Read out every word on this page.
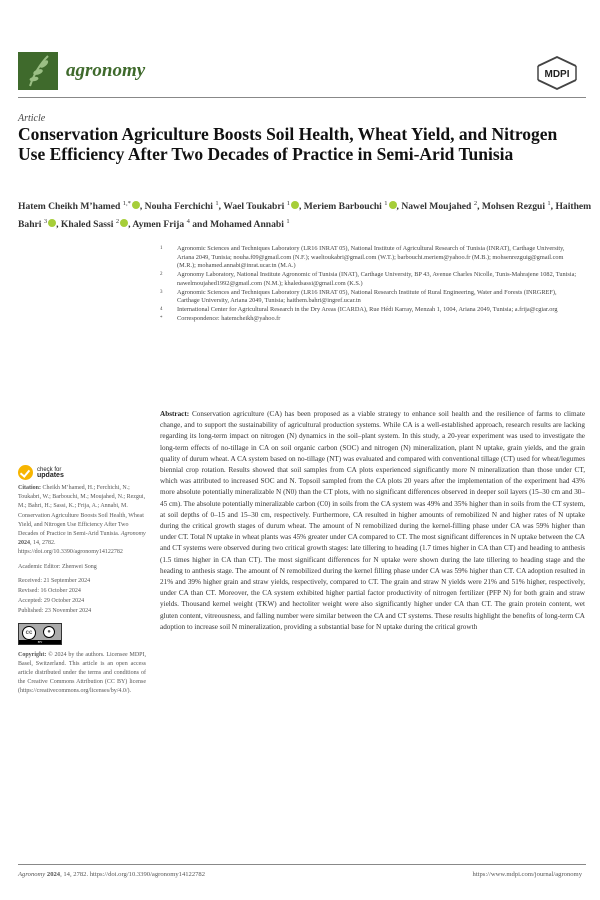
agronomy	MDPI
Article
Conservation Agriculture Boosts Soil Health, Wheat Yield, and Nitrogen Use Efficiency After Two Decades of Practice in Semi-Arid Tunisia
Hatem Cheikh M’hamed $^{1,*}$ , Nouha Ferchichi $^1$, Wael Toukabri $^1$ , Meriem Barbouchi $^1$ , Nawel Moujahed $^2$, Mohsen Rezgui $^1$, Haithem Bahri $^3$ , Khaled Sassi $^2$ , Aymen Frija $^4$ and Mohamed Annabi $^1$
1 Agronomic Sciences and Techniques Laboratory (LR16 INRAT 05), National Institute of Agricultural Research of Tunisia (INRAT), Carthage University, Ariana 2049, Tunisia; nouha.f09@gmail.com (N.F.); waeltoukabri@gmail.com (W.T.); barbouchi.meriem@yahoo.fr (M.B.); mohsenrezguig@gmail.com (M.R.); mohamed.annabi@inrat.ucar.tn (M.A.)
2 Agronomy Laboratory, National Institute Agronomic of Tunisia (INAT), Carthage University, BP 43, Avenue Charles Nicolle, Tunis-Mahrajene 1082, Tunisia; nawelmoujahed1992@gmail.com (N.M.); khaledsassi@gmail.com (K.S.)
3 Agronomic Sciences and Techniques Laboratory (LR16 INRAT 05), National Research Institute of Rural Engineering, Water and Forests (INRGREF), Carthage University, Ariana 2049, Tunisia; haithem.bahri@ingref.ucar.tn
4 International Center for Agricultural Research in the Dry Areas (ICARDA), Rue Hédi Karray, Menzah 1, 1004, Ariana 2049, Tunisia; a.frija@cgiar.org
* Correspondence: hatemcheikh@yahoo.fr
Abstract: Conservation agriculture (CA) has been proposed as a viable strategy to enhance soil health and the resilience of farms to climate change, and to support the sustainability of agricultural production systems. While CA is a well-established approach, research results are lacking regarding its long-term impact on nitrogen (N) dynamics in the soil–plant system. In this study, a 20-year experiment was used to investigate the long-term effects of no-tillage in CA on soil organic carbon (SOC) and nitrogen (N) mineralization, plant N uptake, grain yields, and the grain quality of durum wheat. A CA system based on no-tillage (NT) was evaluated and compared with conventional tillage (CT) used for wheat/legumes biennial crop rotation. Results showed that soil samples from CA plots experienced significantly more N mineralization than those under CT, which was attributed to increased SOC and N. Topsoil sampled from the CA plots 20 years after the implementation of the experiment had 43% more absolute potentially mineralizable N (N0) than the CT plots, with no significant differences observed in deeper soil layers (15–30 cm and 30–45 cm). The absolute potentially mineralizable carbon (C0) in soils from the CA system was 49% and 35% higher than in soils from the CT system, at soil depths of 0–15 and 15–30 cm, respectively. Furthermore, CA resulted in higher amounts of remobilized N and higher rates of N uptake during the critical growth stages of durum wheat. The amount of N remobilized during the kernel-filling phase under CA was 59% higher than under CT. Total N uptake in wheat plants was 45% greater under CA compared to CT. The most significant differences in N uptake between the CA and CT systems were observed during two critical growth stages: late tillering to heading (1.7 times higher in CA than CT) and heading to anthesis (1.5 times higher in CA than CT). The most significant differences for N uptake were shown during the late tillering to heading stage and the heading to anthesis stage. The amount of N remobilized during the kernel filling phase under CA was 59% higher than CT. CA adoption resulted in 21% and 39% higher grain and straw yields, respectively, compared to CT. The grain and straw N yields were 21% and 51% higher, respectively, under CA than CT. Moreover, the CA system exhibited higher partial factor productivity of nitrogen fertilizer (PFP N) for both grain and straw yields. Thousand kernel weight (TKW) and hectoliter weight were also significantly higher under CA than CT. The grain protein content, wet gluten content, vitreousness, and falling number were similar between the CA and CT systems. These results highlight the benefits of long-term CA adoption to increase soil N mineralization, providing a substantial base for N uptake during the critical growth
check for
updates
Citation: Cheikh M’hamed, H.; Ferchichi, N.; Toukabri, W.; Barbouchi, M.; Moujahed, N.; Rezgui, M.; Bahri, H.; Sassi, K.; Frija, A.; Annabi, M. Conservation Agriculture Boosts Soil Health, Wheat Yield, and Nitrogen Use Efficiency After Two Decades of Practice in Semi-Arid Tunisia. Agronomy 2024, 14, 2782. https://doi.org/10.3390/agronomy14122782
Academic Editor: Zhenwei Song
Received: 21 September 2024
Revised: 16 October 2024
Accepted: 29 October 2024
Published: 23 November 2024
cc	●
BY
Copyright: © 2024 by the authors. Licensee MDPI, Basel, Switzerland. This article is an open access article distributed under the terms and conditions of the Creative Commons Attribution (CC BY) license (https://creativecommons.org/licenses/by/4.0/).
Agronomy 2024, 14, 2782. https://doi.org/10.3390/agronomy14122782	https://www.mdpi.com/journal/agronomy
